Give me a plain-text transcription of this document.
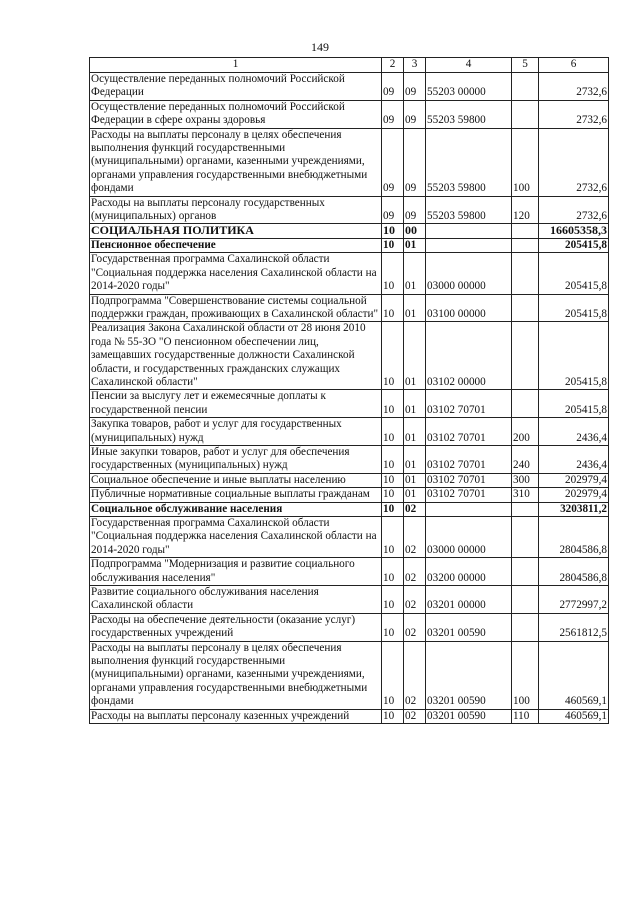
149
1	2	3	4	5	6
Осуществление переданных полномочий Российской Федерации	09	09	55203 00000		2732,6
Осуществление переданных полномочий Российской Федерации в сфере охраны здоровья	09	09	55203 59800		2732,6
Расходы на выплаты персоналу в целях обеспечения выполнения функций государственными (муниципальными) органами, казенными учреждениями, органами управления государственными внебюджетными фондами	09	09	55203 59800	100	2732,6
Расходы на выплаты персоналу государственных (муниципальных) органов	09	09	55203 59800	120	2732,6
СОЦИАЛЬНАЯ ПОЛИТИКА	10	00			16605358,3
Пенсионное обеспечение	10	01			205415,8
Государственная программа Сахалинской области "Социальная поддержка населения Сахалинской области на 2014-2020 годы"	10	01	03000 00000		205415,8
Подпрограмма "Совершенствование системы социальной поддержки граждан, проживающих в Сахалинской области"	10	01	03100 00000		205415,8
Реализация Закона Сахалинской области от 28 июня 2010 года № 55-ЗО "О пенсионном обеспечении лиц, замещавших государственные должности Сахалинской области, и государственных гражданских служащих Сахалинской области"	10	01	03102 00000		205415,8
Пенсии за выслугу лет и ежемесячные доплаты к государственной пенсии	10	01	03102 70701		205415,8
Закупка товаров, работ и услуг для государственных (муниципальных) нужд	10	01	03102 70701	200	2436,4
Иные закупки товаров, работ и услуг для обеспечения государственных (муниципальных) нужд	10	01	03102 70701	240	2436,4
Социальное обеспечение и иные выплаты населению	10	01	03102 70701	300	202979,4
Публичные нормативные социальные выплаты гражданам	10	01	03102 70701	310	202979,4
Социальное обслуживание населения	10	02			3203811,2
Государственная программа Сахалинской области "Социальная поддержка населения Сахалинской области на 2014-2020 годы"	10	02	03000 00000		2804586,8
Подпрограмма "Модернизация и развитие социального обслуживания населения"	10	02	03200 00000		2804586,8
Развитие социального обслуживания населения Сахалинской области	10	02	03201 00000		2772997,2
Расходы на обеспечение деятельности (оказание услуг) государственных учреждений	10	02	03201 00590		2561812,5
Расходы на выплаты персоналу в целях обеспечения выполнения функций государственными (муниципальными) органами, казенными учреждениями, органами управления государственными внебюджетными фондами	10	02	03201 00590	100	460569,1
Расходы на выплаты персоналу казенных учреждений	10	02	03201 00590	110	460569,1
